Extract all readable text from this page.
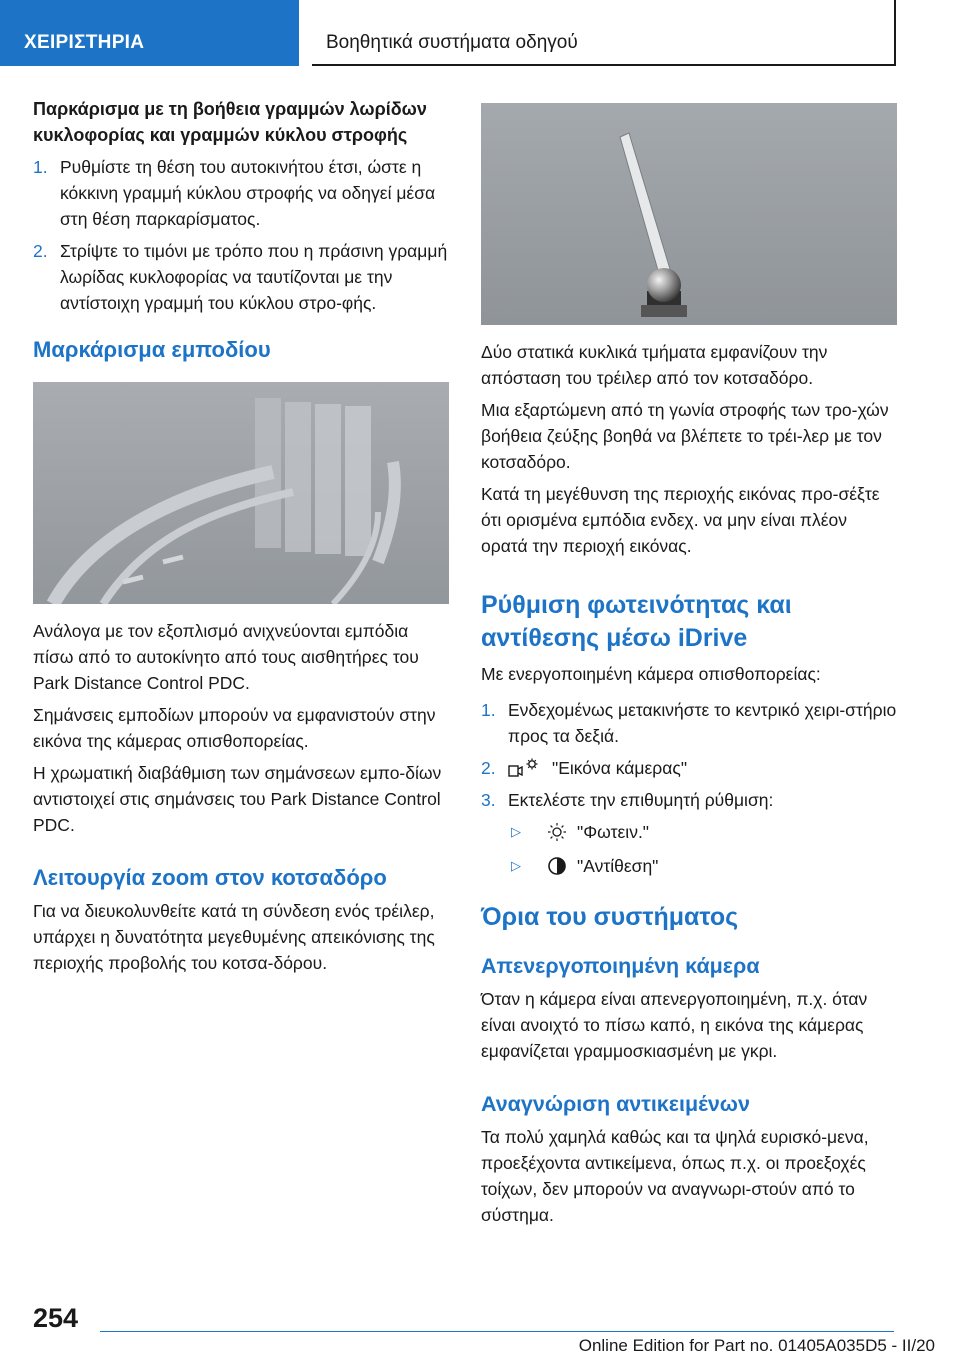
ΧΕΙΡΙΣΤΗΡΙΑ	Βοηθητικά συστήματα οδηγού
Παρκάρισμα με τη βοήθεια γραμμών λωρίδων κυκλοφορίας και γραμμών κύκλου στροφής
1. Ρυθμίστε τη θέση του αυτοκινήτου έτσι, ώστε η κόκκινη γραμμή κύκλου στροφής να οδηγεί μέσα στη θέση παρκαρίσματος.
2. Στρίψτε το τιμόνι με τρόπο που η πράσινη γραμμή λωρίδας κυκλοφορίας να ταυτίζονται με την αντίστοιχη γραμμή του κύκλου στρο-φής.
Μαρκάρισμα εμποδίου

Ανάλογα με τον εξοπλισμό ανιχνεύονται εμπόδια πίσω από το αυτοκίνητο από τους αισθητήρες του Park Distance Control PDC.

Σημάνσεις εμποδίων μπορούν να εμφανιστούν στην εικόνα της κάμερας οπισθοπορείας.

Η χρωματική διαβάθμιση των σημάνσεων εμπο-δίων αντιστοιχεί στις σημάνσεις του Park Distance Control PDC.

Λειτουργία zoom στον κοτσαδόρο

Για να διευκολυνθείτε κατά τη σύνδεση ενός τρέιλερ, υπάρχει η δυνατότητα μεγεθυμένης απεικόνισης της περιοχής προβολής του κοτσα-δόρου.

Δύο στατικά κυκλικά τμήματα εμφανίζουν την απόσταση του τρέιλερ από τον κοτσαδόρο.

Μια εξαρτώμενη από τη γωνία στροφής των τρο-χών βοήθεια ζεύξης βοηθά να βλέπετε το τρέι-λερ με τον κοτσαδόρο.

Κατά τη μεγέθυνση της περιοχής εικόνας προ-σέξτε ότι ορισμένα εμπόδια ενδεχ. να μην είναι πλέον ορατά την περιοχή εικόνας.

Ρύθμιση φωτεινότητας και αντίθεσης μέσω iDrive

Με ενεργοποιημένη κάμερα οπισθοπορείας:

1. Ενδεχομένως μετακινήστε το κεντρικό χειρι-στήριο προς τα δεξιά.
2.	"Εικόνα κάμερας"
3. Εκτελέστε την επιθυμητή ρύθμιση:
▷	"Φωτειν."
▷	"Αντίθεση"
Όρια του συστήματος
Απενεργοποιημένη κάμερα

Όταν η κάμερα είναι απενεργοποιημένη, π.χ. όταν είναι ανοιχτό το πίσω καπό, η εικόνα της κάμερας εμφανίζεται γραμμοσκιασμένη με γκρι.

Αναγνώριση αντικειμένων

Τα πολύ χαμηλά καθώς και τα ψηλά ευρισκό-μενα, προεξέχοντα αντικείμενα, όπως π.χ. οι προεξοχές τοίχων, δεν μπορούν να αναγνωρι-στούν από το σύστημα.

254
Online Edition for Part no. 01405A035D5 - II/20
